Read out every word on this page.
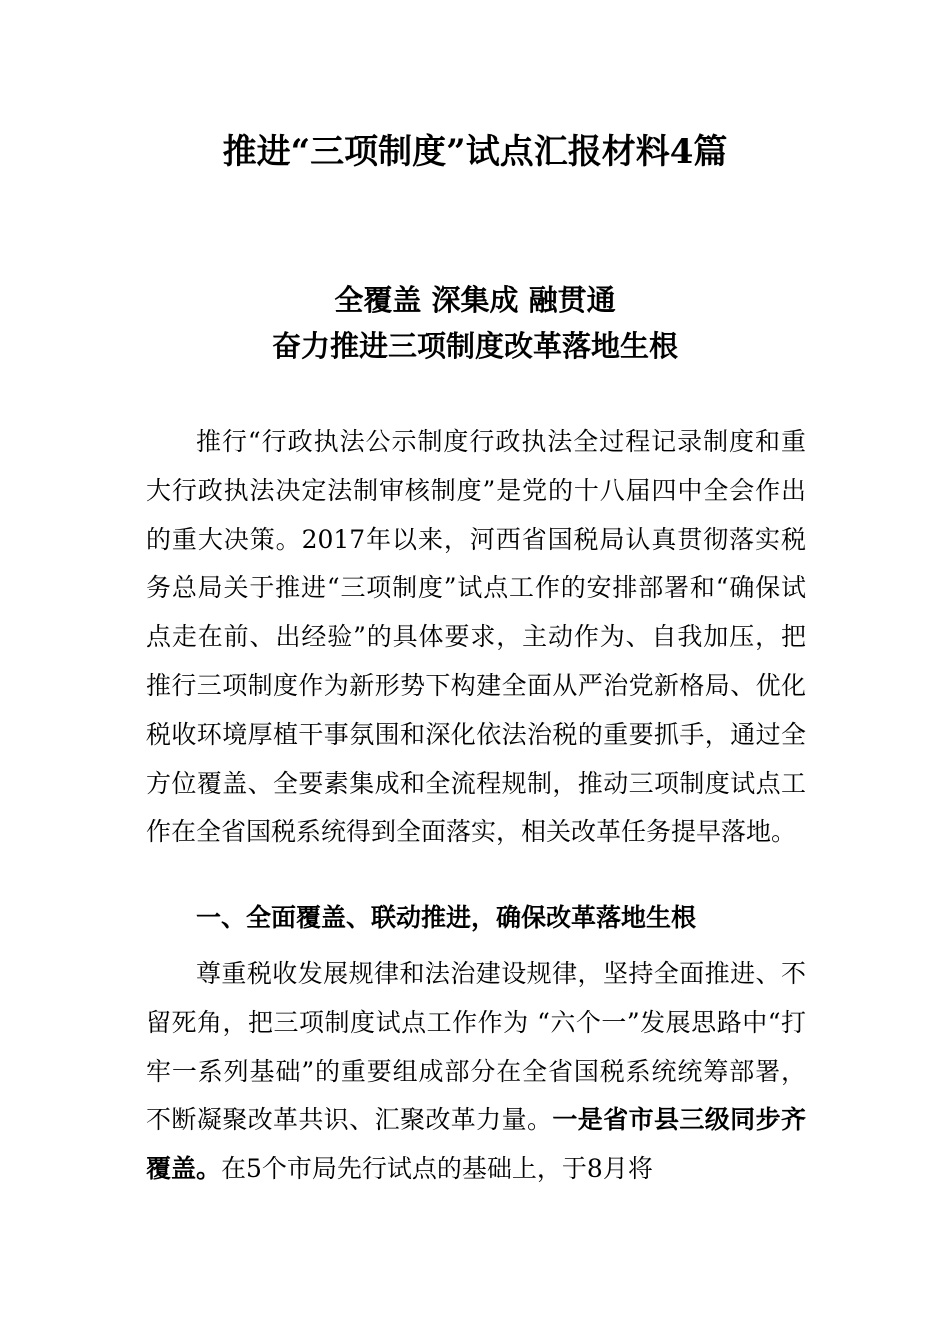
推进“三项制度”试点汇报材料4篇
全覆盖 深集成 融贯通
奋力推进三项制度改革落地生根

推行“行政执法公示制度行政执法全过程记录制度和重大行政执法决定法制审核制度”是党的十八届四中全会作出的重大决策。2017年以来，河西省国税局认真贯彻落实税务总局关于推进“三项制度”试点工作的安排部署和“确保试点走在前、出经验”的具体要求，主动作为、自我加压，把推行三项制度作为新形势下构建全面从严治党新格局、优化税收环境厚植干事氛围和深化依法治税的重要抓手，通过全方位覆盖、全要素集成和全流程规制，推动三项制度试点工作在全省国税系统得到全面落实，相关改革任务提早落地。

一、全面覆盖、联动推进，确保改革落地生根

尊重税收发展规律和法治建设规律，坚持全面推进、不留死角，把三项制度试点工作作为 “六个一”发展思路中“打牢一系列基础”的重要组成部分在全省国税系统统筹部署，不断凝聚改革共识、汇聚改革力量。一是省市县三级同步齐覆盖。在5个市局先行试点的基础上，于8月将
